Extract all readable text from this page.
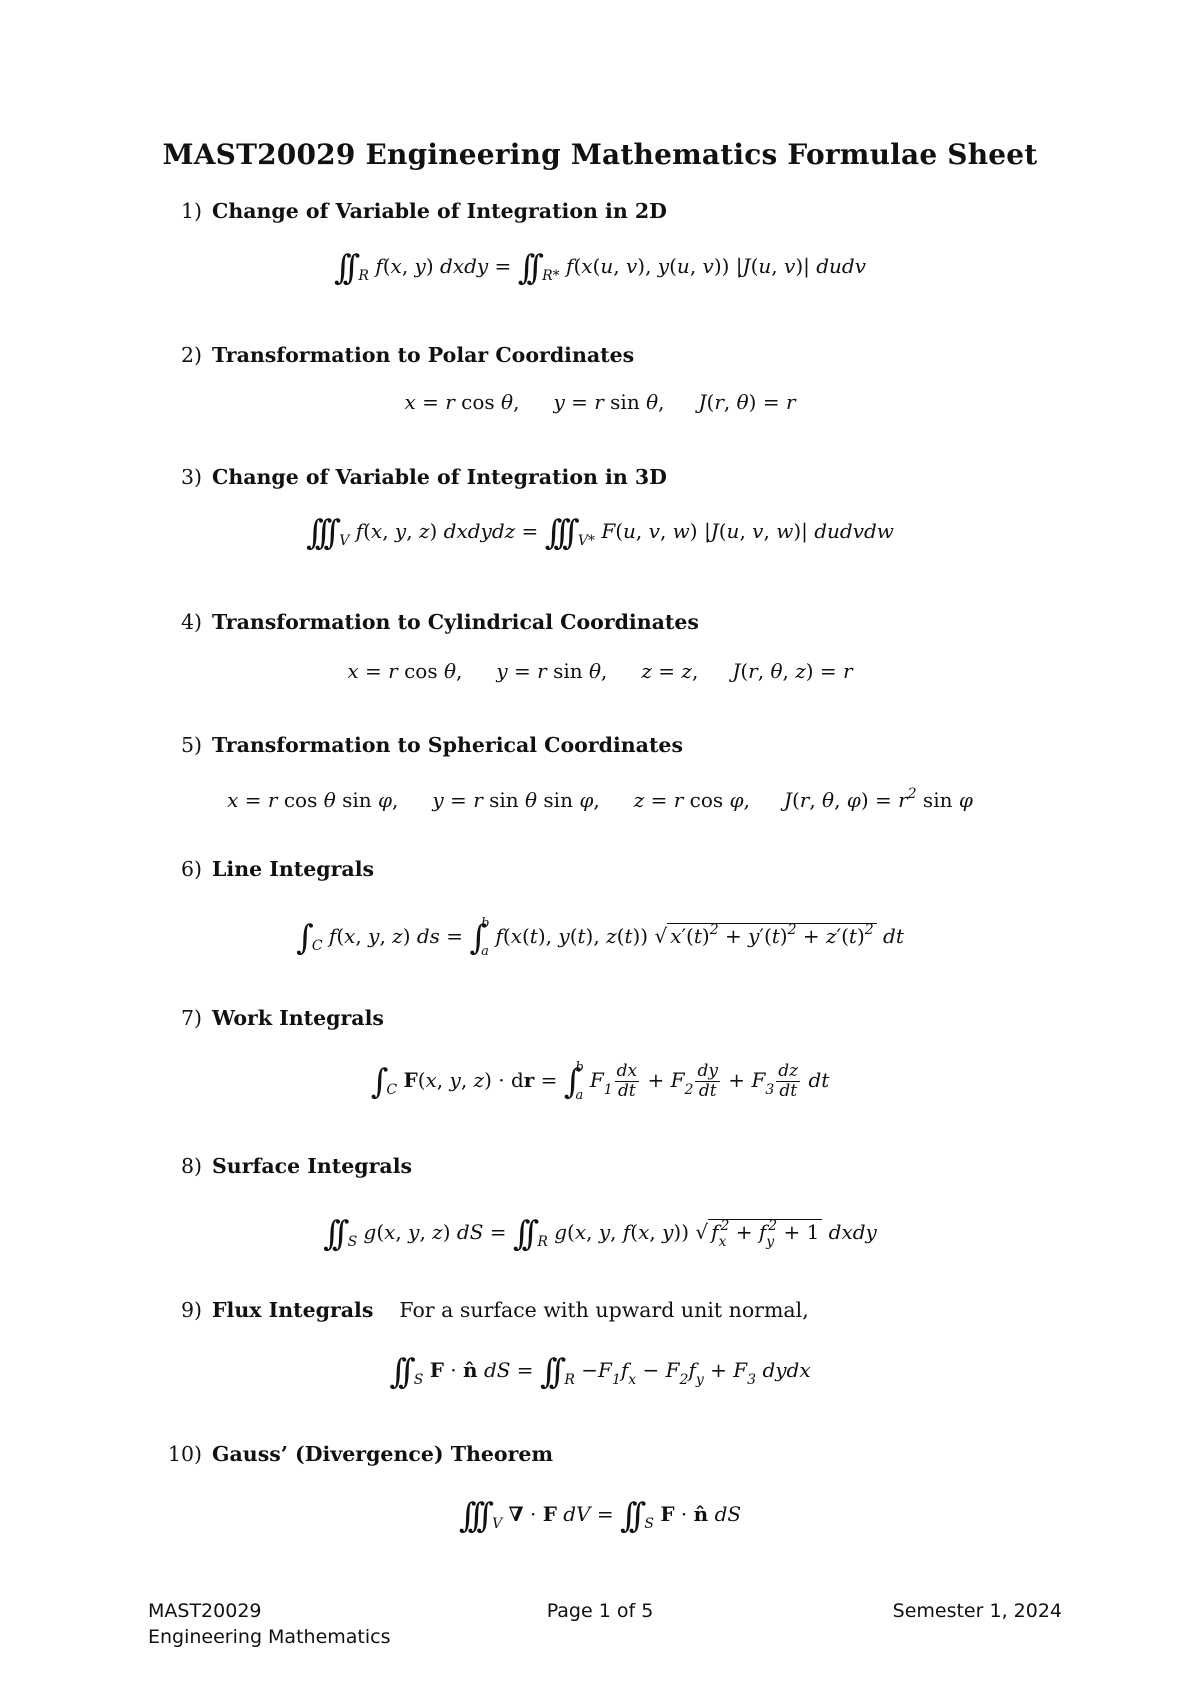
MAST20029 Engineering Mathematics Formulae Sheet
1) Change of Variable of Integration in 2D
∫∫ $_R$ f(x, y) dxdy = ∫∫ $_{R*}$ f(x(u, v), y(u, v)) |J(u, v)| dudv
2) Transformation to Polar Coordinates
x = r cos θ, y = r sin θ, J(r, θ) = r
3) Change of Variable of Integration in 3D
∫∫∫ $_V$ f(x, y, z) dxdydz = ∫∫∫ $_{V*}$ F(u, v, w) |J(u, v, w)| dudvdw
4) Transformation to Cylindrical Coordinates
x = r cos θ, y = r sin θ, z = z, J(r, θ, z) = r
5) Transformation to Spherical Coordinates
x = r cos θ sin φ, y = r sin θ sin φ, z = r cos φ, J(r, θ, $\varphi) = r^2$ sin φ
6) Line Integrals
∫ $_C$ f(x, y, z) ds = ∫ b

af(x(t), y(t), z(t)) √ $x'(t)^2 + y'(t)^2 + z'(t)^2$ dt
7) Work Integrals
∫ $_C$ F(x, y, z) · dr = ∫ b

$aF_1 \frac{dx}{dt} + F_2 \frac{dy}{dt} + F_3 \frac{dz}{dt}$ dt
8) Surface Integrals
∫∫ $_S$ g(x, y, z) dS = ∫∫ $_R$ g(x, y, f(x, y)) √ $f_x^2 + f_y^2 + 1$ dxdy
9) Flux Integrals For a surface with upward unit normal,
∫∫ $_S$ F · n̂ dS = ∫∫ $_R -F_1f_x - F_2f_y + F_3$ dydx
10) Gauss’ (Divergence) Theorem
∫∫∫ $_V$ ∇ · F dV = ∫∫ $_S$ F · n̂ dS
MAST20029
Engineering Mathematics
Page 1 of 5	Semester 1, 2024
